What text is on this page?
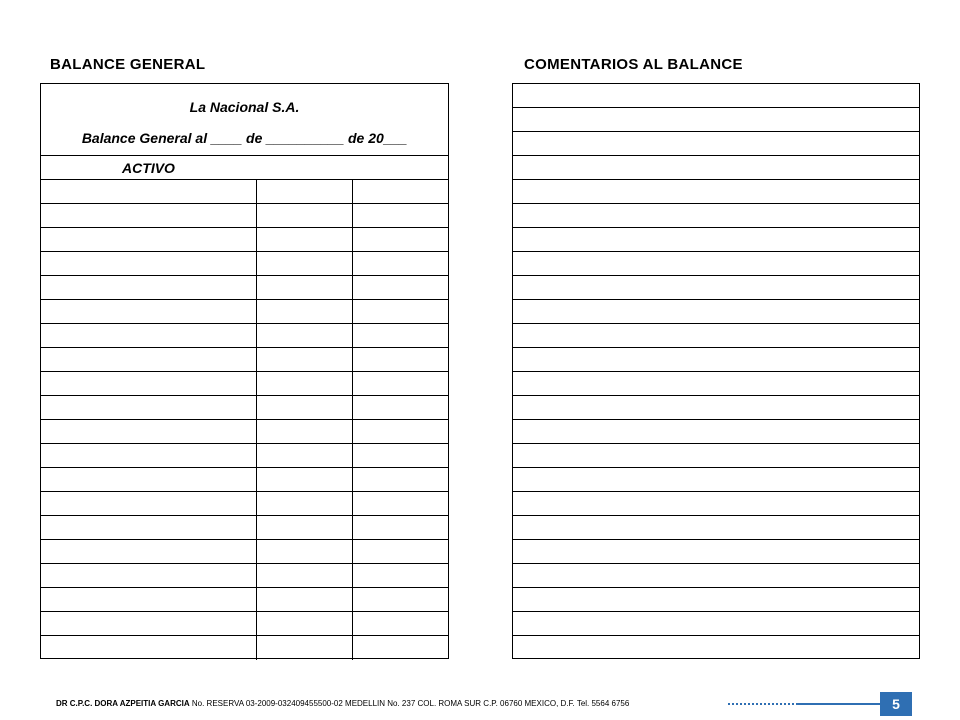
BALANCE GENERAL	COMENTARIOS AL BALANCE
La Nacional S.A.
Balance General al ____ de __________ de 20___
ACTIVO
DR C.P.C. DORA AZPEITIA GARCIA No. RESERVA 03-2009-032409455500-02 MEDELLIN No. 237 COL. ROMA SUR C.P. 06760 MEXICO, D.F. Tel. 5564 6756	5
